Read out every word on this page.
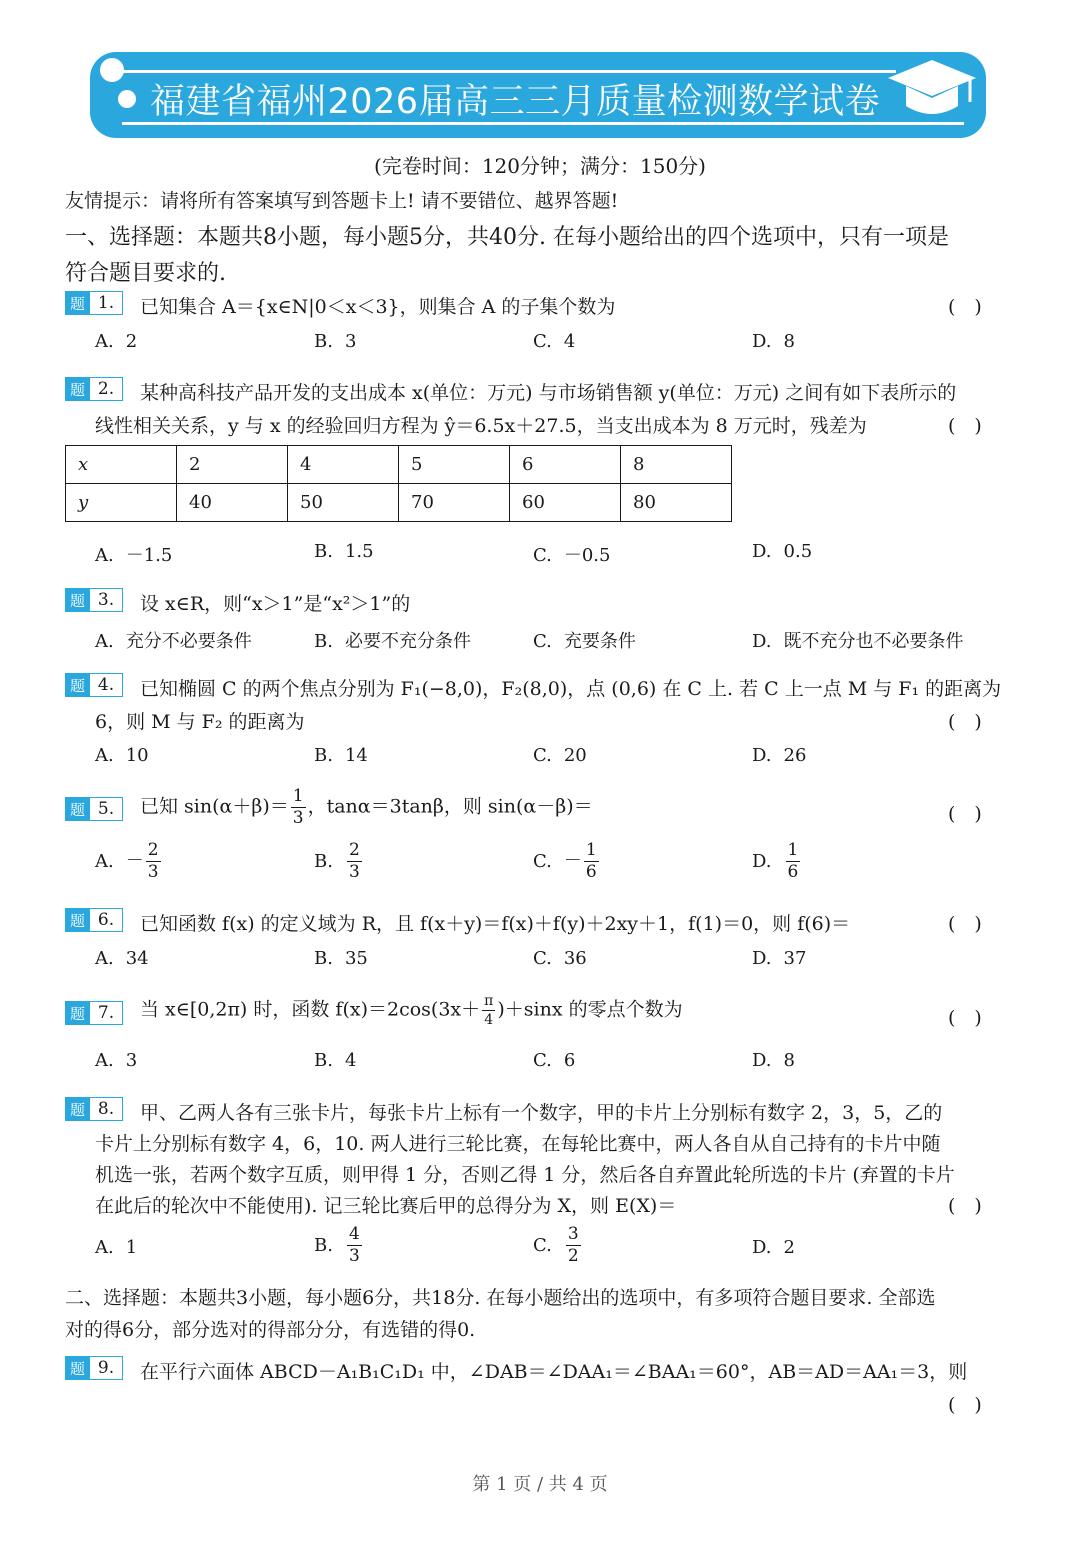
福建省福州2026届高三三月质量检测数学试卷
(完卷时间：120分钟；满分：150分)
友情提示：请将所有答案填写到答题卡上! 请不要错位、越界答题!
一、选择题：本题共8小题，每小题5分，共40分. 在每小题给出的四个选项中，只有一项是
符合题目要求的.
题 1.	已知集合 A＝{x∈N|0＜x＜3}，则集合 A 的子集个数为	(　)
A. 2	B. 3	C. 4	D. 8
题 2.	某种高科技产品开发的支出成本 x(单位：万元) 与市场销售额 y(单位：万元) 之间有如下表所示的
线性相关关系，y 与 x 的经验回归方程为 ŷ＝6.5x＋27.5，当支出成本为 8 万元时，残差为	(　)
x	2	4	5	6	8
y	40	50	70	60	80
A. －1.5	B. 1.5	C. －0.5	D. 0.5
题 3.	设 x∈R，则“x＞1”是“x²＞1”的
A. 充分不必要条件	B. 必要不充分条件	C. 充要条件	D. 既不充分也不必要条件
题 4.	已知椭圆 C 的两个焦点分别为 F₁(−8,0)，F₂(8,0)，点 (0,6) 在 C 上. 若 C 上一点 M 与 F₁ 的距离为
6，则 M 与 F₂ 的距离为	(　)
A. 10	B. 14	C. 20	D. 26
题 5.	已知 $\sin(\alpha+\beta)= \frac{1}{3}$ ，tanα＝3tanβ，则 sin(α－β)＝	(　)
A. － $\frac{2}{3}$	B. $\frac{2}{3}$	C. － $\frac{1}{6}$	D. $\frac{1}{6}$
题 6.	已知函数 f(x) 的定义域为 R，且 f(x＋y)＝f(x)＋f(y)＋2xy＋1，f(1)＝0，则 f(6)＝	(　)
A. 34	B. 35	C. 36	D. 37
题 7.	当 x∈[0,2π) 时，函数 $f(x)=2\cos(3x+ \frac{\pi}{4} )+\sin x$ 的零点个数为	(　)
A. 3	B. 4	C. 6	D. 8
题 8.	甲、乙两人各有三张卡片，每张卡片上标有一个数字，甲的卡片上分别标有数字 2，3，5，乙的
卡片上分别标有数字 4，6，10. 两人进行三轮比赛，在每轮比赛中，两人各自从自己持有的卡片中随
机选一张，若两个数字互质，则甲得 1 分，否则乙得 1 分，然后各自弃置此轮所选的卡片 (弃置的卡片
在此后的轮次中不能使用). 记三轮比赛后甲的总得分为 X，则 E(X)＝	(　)
A. 1	B. $\frac{4}{3}$	C. $\frac{3}{2}$	D. 2
二、选择题：本题共3小题，每小题6分，共18分. 在每小题给出的选项中，有多项符合题目要求. 全部选
对的得6分，部分选对的得部分分，有选错的得0.
题 9.	在平行六面体 ABCD－A₁B₁C₁D₁ 中，∠DAB＝∠DAA₁＝∠BAA₁＝60°，AB＝AD＝AA₁＝3，则
(　)
第 1 页 / 共 4 页
